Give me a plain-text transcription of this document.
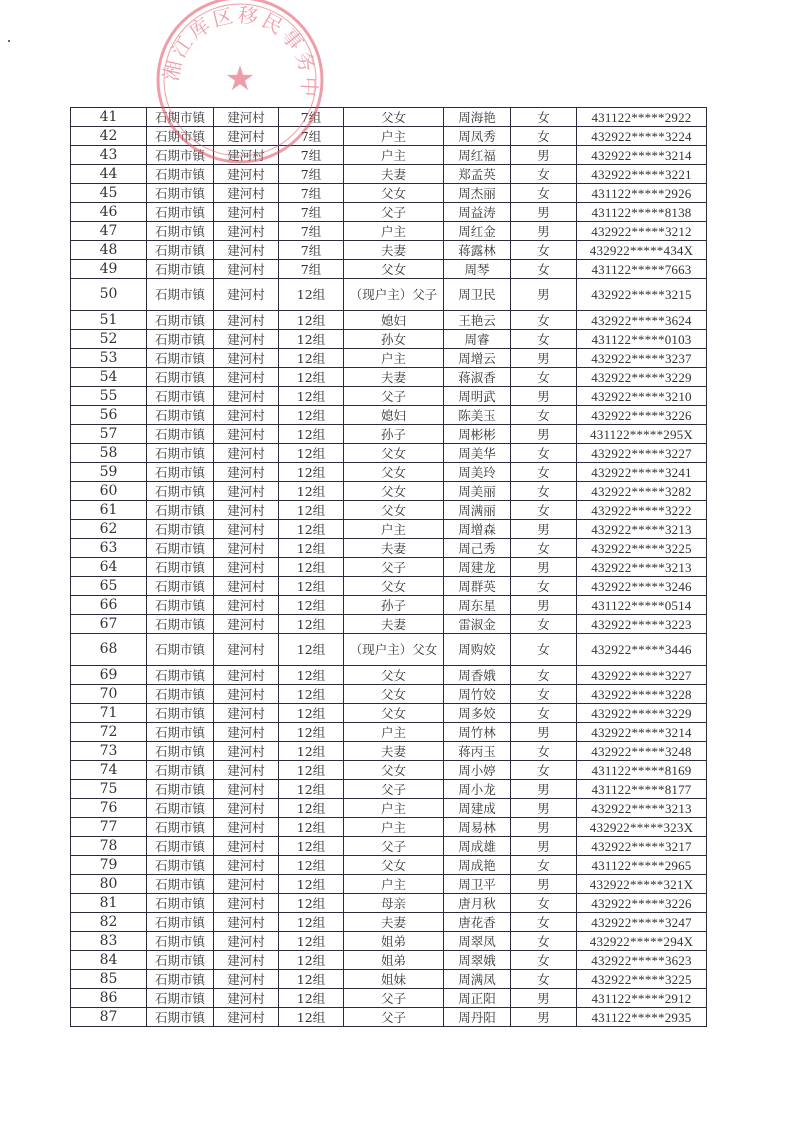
41	石期市镇	建河村	7组	父女	周海艳	女	431122*****2922
42	石期市镇	建河村	7组	户主	周凤秀	女	432922*****3224
43	石期市镇	建河村	7组	户主	周红福	男	432922*****3214
44	石期市镇	建河村	7组	夫妻	郑孟英	女	432922*****3221
45	石期市镇	建河村	7组	父女	周杰丽	女	431122*****2926
46	石期市镇	建河村	7组	父子	周益涛	男	431122*****8138
47	石期市镇	建河村	7组	户主	周红金	男	432922*****3212
48	石期市镇	建河村	7组	夫妻	蒋露林	女	432922*****434X
49	石期市镇	建河村	7组	父女	周琴	女	431122*****7663
50	石期市镇	建河村	12组	（现户主）父子	周卫民	男	432922*****3215
51	石期市镇	建河村	12组	媳妇	王艳云	女	432922*****3624
52	石期市镇	建河村	12组	孙女	周睿	女	431122*****0103
53	石期市镇	建河村	12组	户主	周增云	男	432922*****3237
54	石期市镇	建河村	12组	夫妻	蒋淑香	女	432922*****3229
55	石期市镇	建河村	12组	父子	周明武	男	432922*****3210
56	石期市镇	建河村	12组	媳妇	陈美玉	女	432922*****3226
57	石期市镇	建河村	12组	孙子	周彬彬	男	431122*****295X
58	石期市镇	建河村	12组	父女	周美华	女	432922*****3227
59	石期市镇	建河村	12组	父女	周美玲	女	432922*****3241
60	石期市镇	建河村	12组	父女	周美丽	女	432922*****3282
61	石期市镇	建河村	12组	父女	周满丽	女	432922*****3222
62	石期市镇	建河村	12组	户主	周增森	男	432922*****3213
63	石期市镇	建河村	12组	夫妻	周己秀	女	432922*****3225
64	石期市镇	建河村	12组	父子	周建龙	男	432922*****3213
65	石期市镇	建河村	12组	父女	周群英	女	432922*****3246
66	石期市镇	建河村	12组	孙子	周东星	男	431122*****0514
67	石期市镇	建河村	12组	夫妻	雷淑金	女	432922*****3223
68	石期市镇	建河村	12组	（现户主）父女	周购姣	女	432922*****3446
69	石期市镇	建河村	12组	父女	周香娥	女	432922*****3227
70	石期市镇	建河村	12组	父女	周竹姣	女	432922*****3228
71	石期市镇	建河村	12组	父女	周多姣	女	432922*****3229
72	石期市镇	建河村	12组	户主	周竹林	男	432922*****3214
73	石期市镇	建河村	12组	夫妻	蒋丙玉	女	432922*****3248
74	石期市镇	建河村	12组	父女	周小婷	女	431122*****8169
75	石期市镇	建河村	12组	父子	周小龙	男	431122*****8177
76	石期市镇	建河村	12组	户主	周建成	男	432922*****3213
77	石期市镇	建河村	12组	户主	周易林	男	432922*****323X
78	石期市镇	建河村	12组	父子	周成雄	男	432922*****3217
79	石期市镇	建河村	12组	父女	周成艳	女	431122*****2965
80	石期市镇	建河村	12组	户主	周卫平	男	432922*****321X
81	石期市镇	建河村	12组	母亲	唐月秋	女	432922*****3226
82	石期市镇	建河村	12组	夫妻	唐花香	女	432922*****3247
83	石期市镇	建河村	12组	姐弟	周翠凤	女	432922*****294X
84	石期市镇	建河村	12组	姐弟	周翠娥	女	432922*****3623
85	石期市镇	建河村	12组	姐妹	周满凤	女	432922*****3225
86	石期市镇	建河村	12组	父子	周正阳	男	431122*****2912
87	石期市镇	建河村	12组	父子	周丹阳	男	431122*****2935
湘江库区移民事务中
★
